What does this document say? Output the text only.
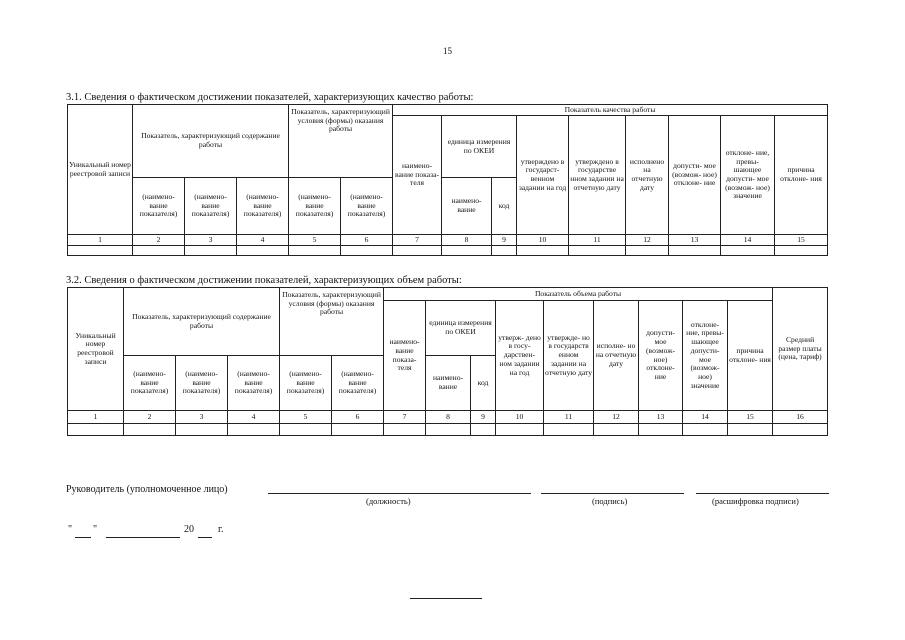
15
3.1. Сведения о фактическом достижении показателей, характеризующих качество работы:
Уникальный номер реестровой записи	Показатель, характеризующий содержание работы			Показатель, характеризующий условия (формы) оказания работы		Показатель качества работы								
						наимено- вание показа- теля	единица измерения по ОКЕИ		утверждено в государст- венном задании на год	утверждено в государстве нном задании на отчетную дату	исполнено на отчетную дату	допусти- мое (возмож- ное) отклоне- ние	отклоне- ние, превы- шающее допусти- мое (возмож- ное) значение	причина отклоне- ния
	(наимено- вание показателя)	(наимено- вание показателя)	(наимено- вание показателя)	(наимено- вание показателя)	(наимено- вание показателя)		наимено- вание	код						
1	2	3	4	5	6	7	8	9	10	11	12	13	14	15

3.2. Сведения о фактическом достижении показателей, характеризующих объем работы:
Уникальный номер реестровой записи	Показатель, характеризующий содержание работы			Показатель, характеризующий условия (формы) оказания работы		Показатель объема работы									Средний размер платы (цена, тариф)
						наимено- вание показа- теля	единица измерения по ОКЕИ		утверж- дено в госу- дарствен- ном задании на год	утвержде- но в государств енном задании на отчетную дату	исполне- но на отчетную дату	допусти- мое (возмож- ное) отклоне- ние	отклоне- ние, превы- шающее допусти- мое (возмож- ное) значение	причина отклоне- ния	
	(наимено- вание показателя)	(наимено- вание показателя)	(наимено- вание показателя)	(наимено- вание показателя)	(наимено- вание показателя)		наимено- вание	код							
1	2	3	4	5	6	7	8	9	10	11	12	13	14	15	16

Руководитель (уполномоченное лицо)
(должность)	(подпись)	(расшифровка подписи)
" "	20 г.
